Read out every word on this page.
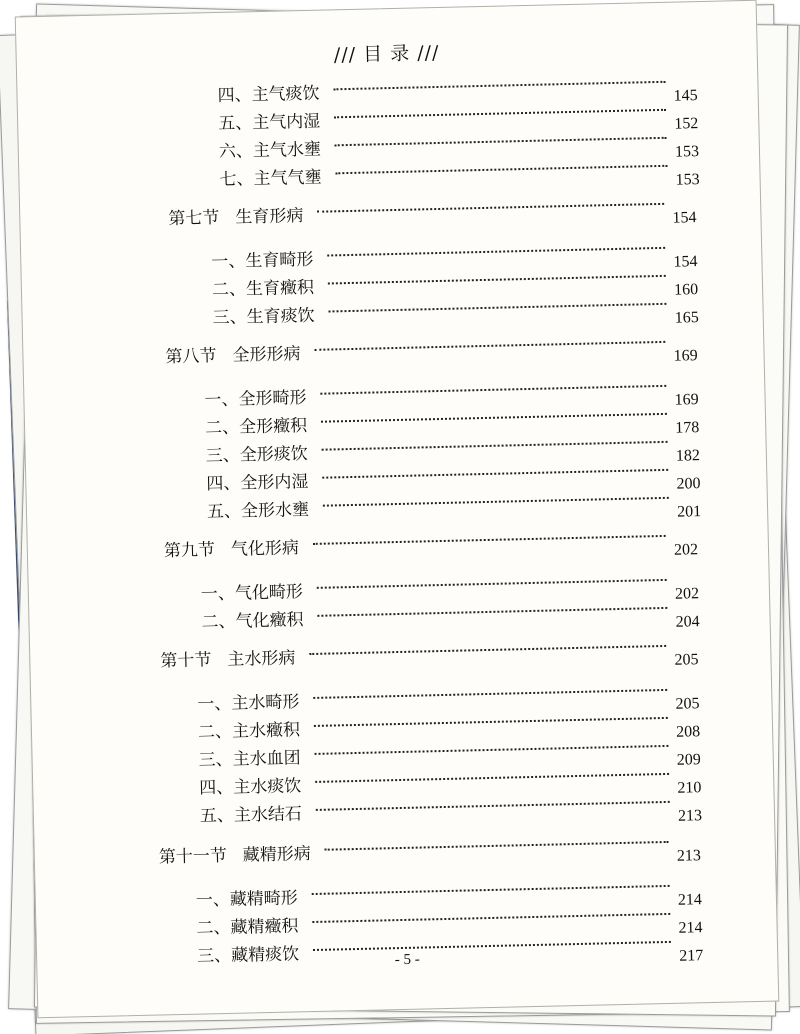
/// 目 录 ///
四、主气痰饮	145
五、主气内湿	152
六、主气水壅	153
七、主气气壅	153
第七节 生育形病	154
一、生育畸形	154
二、生育癥积	160
三、生育痰饮	165
第八节 全形形病	169
一、全形畸形	169
二、全形癥积	178
三、全形痰饮	182
四、全形内湿	200
五、全形水壅	201
第九节 气化形病	202
一、气化畸形	202
二、气化癥积	204
第十节 主水形病	205
一、主水畸形	205
二、主水癥积	208
三、主水血团	209
四、主水痰饮	210
五、主水结石	213
第十一节 藏精形病	213
一、藏精畸形	214
二、藏精癥积	214
三、藏精痰饮	217
- 5 -
